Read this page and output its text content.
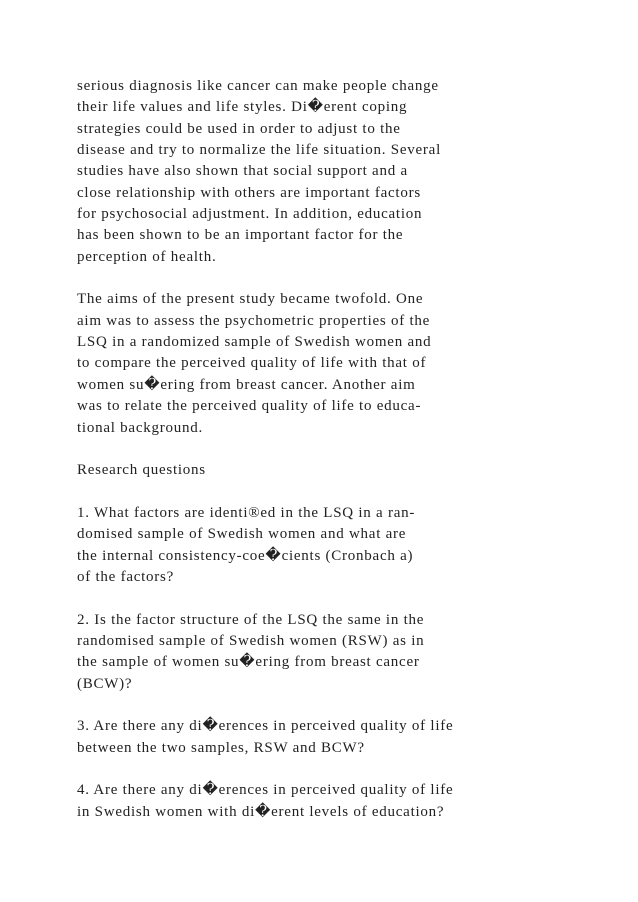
serious diagnosis like cancer can make people change
their life values and life styles. Di�erent coping
strategies could be used in order to adjust to the
disease and try to normalize the life situation. Several
studies have also shown that social support and a
close relationship with others are important factors
for psychosocial adjustment. In addition, education
has been shown to be an important factor for the
perception of health.
The aims of the present study became twofold. One
aim was to assess the psychometric properties of the
LSQ in a randomized sample of Swedish women and
to compare the perceived quality of life with that of
women su�ering from breast cancer. Another aim
was to relate the perceived quality of life to educa-
tional background.
Research questions
1. What factors are identi®ed in the LSQ in a ran-
domised sample of Swedish women and what are
the internal consistency-coe�cients (Cronbach a)
of the factors?
2. Is the factor structure of the LSQ the same in the
randomised sample of Swedish women (RSW) as in
the sample of women su�ering from breast cancer
(BCW)?
3. Are there any di�erences in perceived quality of life
between the two samples, RSW and BCW?
4. Are there any di�erences in perceived quality of life
in Swedish women with di�erent levels of education?
